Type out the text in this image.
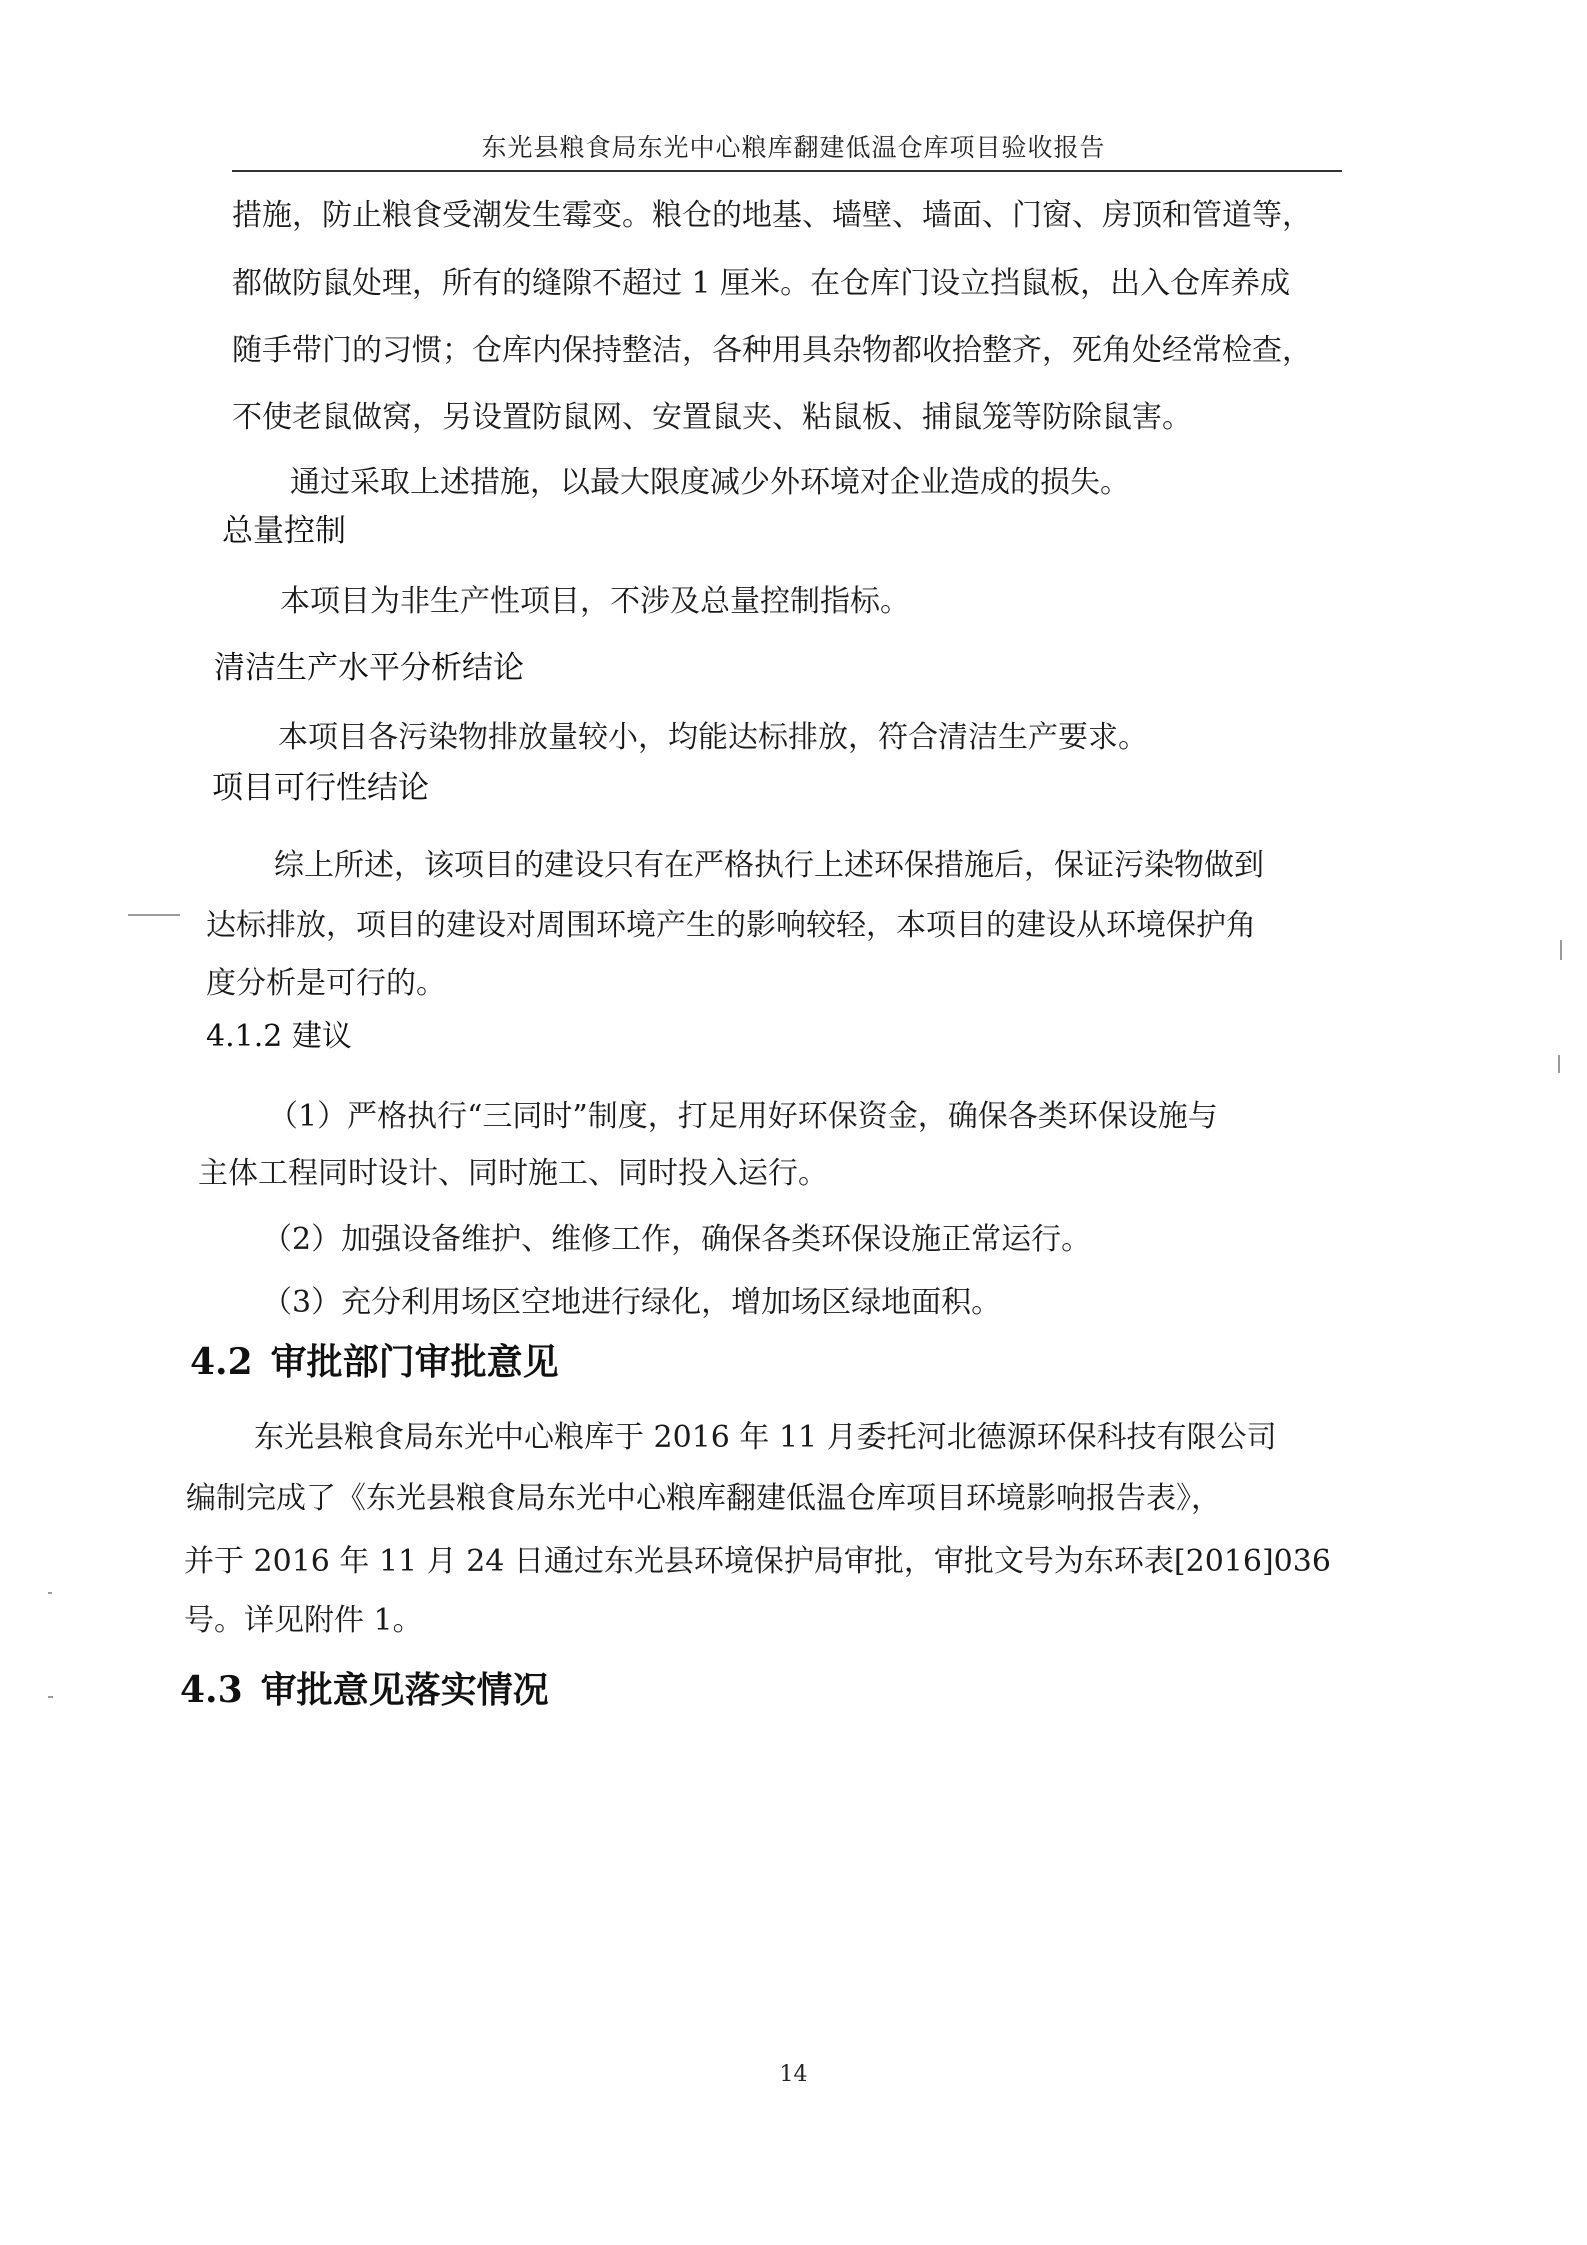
东光县粮食局东光中心粮库翻建低温仓库项目验收报告
措施，防止粮食受潮发生霉变。粮仓的地基、墙壁、墙面、门窗、房顶和管道等，
都做防鼠处理，所有的缝隙不超过 1 厘米。在仓库门设立挡鼠板，出入仓库养成
随手带门的习惯；仓库内保持整洁，各种用具杂物都收拾整齐，死角处经常检查，
不使老鼠做窝，另设置防鼠网、安置鼠夹、粘鼠板、捕鼠笼等防除鼠害。
通过采取上述措施，以最大限度减少外环境对企业造成的损失。
总量控制
本项目为非生产性项目，不涉及总量控制指标。
清洁生产水平分析结论
本项目各污染物排放量较小，均能达标排放，符合清洁生产要求。
项目可行性结论
综上所述，该项目的建设只有在严格执行上述环保措施后，保证污染物做到
达标排放，项目的建设对周围环境产生的影响较轻，本项目的建设从环境保护角
度分析是可行的。
4.1.2 建议
（1）严格执行“三同时”制度，打足用好环保资金，确保各类环保设施与
主体工程同时设计、同时施工、同时投入运行。
（2）加强设备维护、维修工作，确保各类环保设施正常运行。
（3）充分利用场区空地进行绿化，增加场区绿地面积。
4.2 审批部门审批意见
东光县粮食局东光中心粮库于 2016 年 11 月委托河北德源环保科技有限公司
编制完成了《东光县粮食局东光中心粮库翻建低温仓库项目环境影响报告表》，
并于 2016 年 11 月 24 日通过东光县环境保护局审批，审批文号为东环表[2016]036
号。详见附件 1。
4.3 审批意见落实情况
14
